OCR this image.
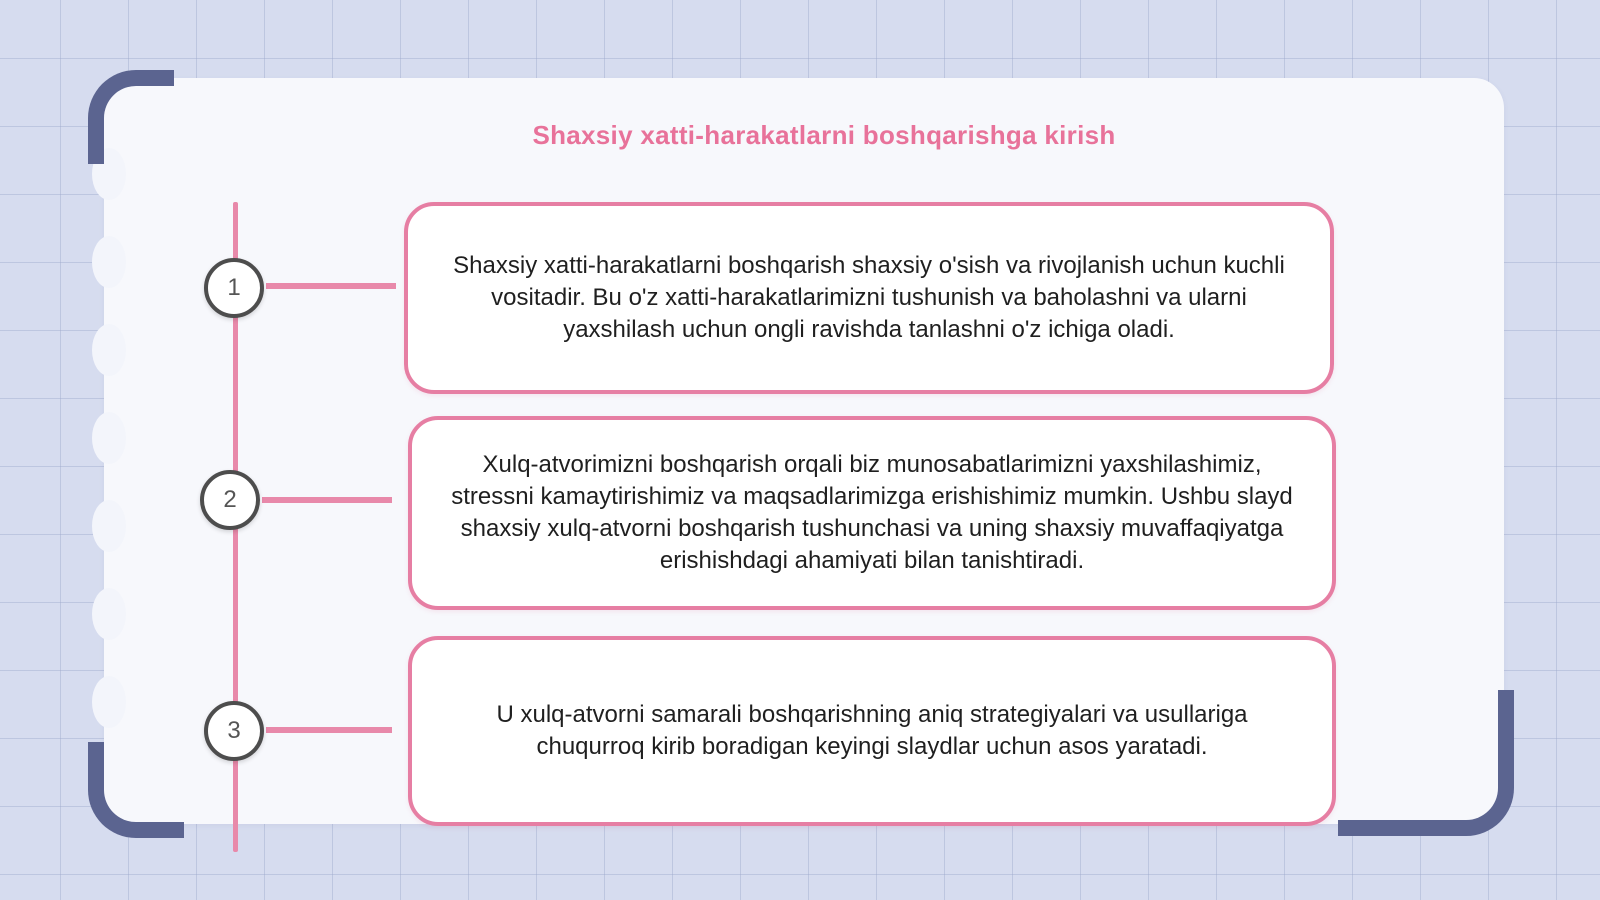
Shaxsiy xatti-harakatlarni boshqarishga kirish
1
Shaxsiy xatti-harakatlarni boshqarish shaxsiy o'sish va rivojlanish uchun kuchli vositadir. Bu o'z xatti-harakatlarimizni tushunish va baholashni va ularni yaxshilash uchun ongli ravishda tanlashni o'z ichiga oladi.
2
Xulq-atvorimizni boshqarish orqali biz munosabatlarimizni yaxshilashimiz, stressni kamaytirishimiz va maqsadlarimizga erishishimiz mumkin. Ushbu slayd shaxsiy xulq-atvorni boshqarish tushunchasi va uning shaxsiy muvaffaqiyatga erishishdagi ahamiyati bilan tanishtiradi.
3
U xulq-atvorni samarali boshqarishning aniq strategiyalari va usullariga chuqurroq kirib boradigan keyingi slaydlar uchun asos yaratadi.
